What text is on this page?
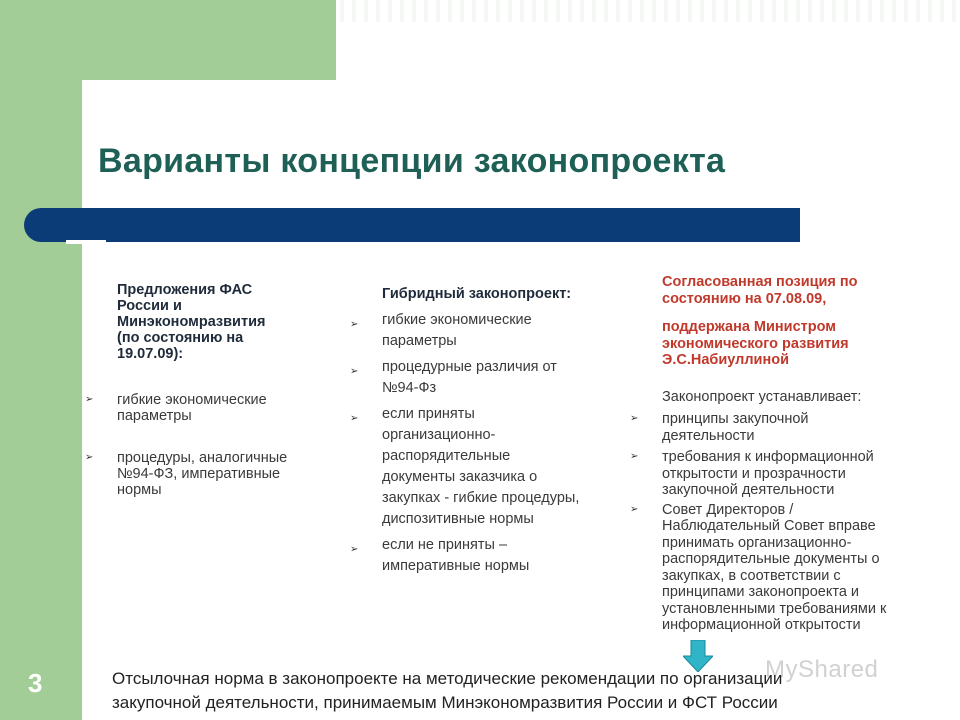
Варианты концепции законопроекта
Предложения ФАС
России и
Минэкономразвития
(по состоянию на
19.07.09):
➢ гибкие экономические
параметры
➢ процедуры, аналогичные
№94-ФЗ, императивные
нормы
Гибридный законопроект:
➢ гибкие экономические
параметры
➢ процедурные различия от
№94-Фз
➢ если приняты
организационно-
распорядительные
документы заказчика о
закупках - гибкие процедуры,
диспозитивные нормы
➢ если не приняты –
императивные нормы
Согласованная позиция по
состоянию на 07.08.09,
поддержана Министром
экономического развития
Э.С.Набиуллиной
Законопроект устанавливает:
➢ принципы закупочной
деятельности
➢ требования к информационной
открытости и прозрачности
закупочной деятельности
➢ Совет Директоров /
Наблюдательный Совет вправе
принимать организационно-
распорядительные документы о
закупках, в соответствии с
принципами законопроекта и
установленными требованиями к
информационной открытости
MyShared
3	Отсылочная норма в законопроекте на методические рекомендации по организации
закупочной деятельности, принимаемым Минэкономразвития России и ФСТ России
